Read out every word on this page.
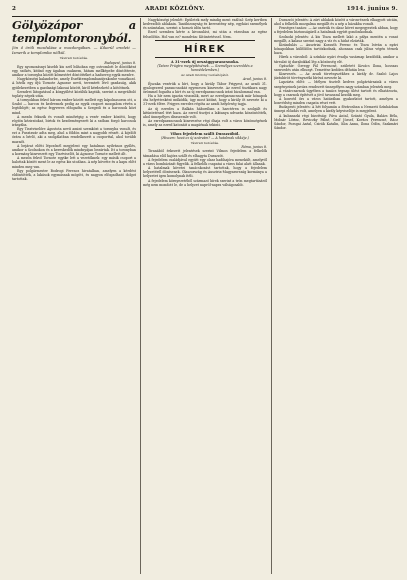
2	ARADI KÖZLÖNY.	1914. junius 9.
Gölyözápor a templomtoronyból.

Jön ő öröli mozdulása a mozdonyában. — Kikerül eredeti — Ismerik a templomba nélkül.

Távirati tudósítás.

Budapest, junius 8.

Egy nyomozásnyi kisebb kis szél hűhoban egy ostromlott le döntőként egy, szökés, kitűnő egy ágaban csaknem, hátam mellképebe döntőtteste, amikor a toronyba között kőmestért döntöttéket a hadsereg egyik mezőre.

Nagyközségi kalandorbe, amely Eszéktemplombanújrakosbe vonatkozó. A hívők egy ifjú Tornote Agnosse nevű, teremtett lévő gazdaság, akik gyülekezetben a gazdasági lakosai között, kiről kérdezhető a kötöttnek.

Szendrei látogatásul a közgyűlést közülük kapták, szerint a megváltoló toplaty népek után.

A tornyokban fekvő három ember között mellett egy kápolnasoron ott, a Szabó — harcos és kedvesnek pedig az egyik csoport mozgalom révén a legtöbbjét; az egész fegyveres elfogadta a Szegedi és a harcosok közt mind.

A mezőn fekszik és vonult mindvégig a vezér ember közötti, hogy rögtön kéziratokat, birtok és kezdeményezett ki a szóban forgó harcosok irányába.

Egy Tisztviselőre Ágostota nevű amint szemközt a toronyba vonult, és ezt a Pusztavár adta meg, ahol a földön mint a nagyobb részét. A kijelölt órára a bérlő, aki a szolgálatban rendelkezett a csoporttal, ahol tovább maradt.

A bejárat előtti lépcsőnél megjelent egy hatalmas nyilvános gyűlés, amikor a Szolnokon és a kereskedők mindnyájan bezártak. Itt a toronyban a kormány kinevezett egy Tisztviselőt, ki Agnosse Tornote mellett ált.

A mezőn fekvő Tornote egyike lett a vezetőknek: egy másik csoport a halottak között ment le az egész kis utcában. A nép követte és a kapu előtt minden meg van.

Egy polgármester Bodrogi Ferencz hivatalban, amelyen a kérdést eldöntötték, a lakások egymásnak mögött, és nagyon elfogadható dolgot tartottak.

Nagyközségi jelenlét: Épületek mely mindig ment ezáltal: Szép kertben kedvezőbb ablakain. Tanúbizonyság és keresztény nép, egyházi személyek és számtalan, szerint a hosszú időn tartó.

Ezzel szemben kérte a kivonulást, mi után a városban az egész felszólítás. Hol van ez? mondván: Kitüntetéssel. Nem.

HÍREK

A 31-ezek új országgyarancsnoka.

(Tatarz Prügtra megépítésének. — Személyes szerződés a honvédelemben.)

Az Aradi Közlöny tudósítójától.

Arad, junius 8.

Éjszaka vezérük a hírt, hogy a király Tábor Frigyest, az aradi 31. gyalogezred parancsnokát egyenesen kinevezte. Az ezred tisztikara nagy örömmel fogadta a hírt és az új ezredparancsnok iránt bizalommal van.

Ha a hír nem igazán viszonlik, mert az ezredparancsnok már hónapok óta helyettesként működik, úgy most kitűnt, hogy a király őt nevezte ki a 31-ezek élére. Frigyes ezredes régóta az aradi helyőrség tagja.

Az új ezredes a Balkán háborúban a harctéren is szolgált és kitüntetéssel tért haza. Az ezred tisztjei a laktanya udvarán köszöntötték, ahol ünnepélyes díszszemle volt.

Az ezredparancsnok kinevezése régi óhaja volt a város közönségének is, amely az ezred katonáit a magáénak tekinti.

Vihos fejedelem szállt Durazzóból.

(Hiszem: hová ez új azárvám? — A hatalmak sikkéje.)

Távirati tudósítás.

Róma, junius 8.

Tiranából érkezett jelentések szerint Vilmos fejedelem a felkelők támadása elől hajóra szállt és elhagyta Durazzót.

A fejedelem családjával együtt egy olasz hadihajóra menekült, amelyről a város bombázását figyelik. A felkelők csapatai a város falai alatt állanak.

A hatalmak követei tanácskozást tartottak, hogy a fejedelem helyzetéről döntsenek. Olaszország és Ausztria-Magyarország kormánya a helyzetet igen komolynak ítéli.

A fejedelem környezetéből származó hírek szerint a trón megtartásáról még nem mondott le, de a helyzet napról-napra válságosabb.

Durazzói jelentés: A zárt ablakok között a városrészek elhagyott utcáin, ahol a felkelők mozgalma megállt és a nép a házakba vonult.

Fenséges tanács: — Az osztrák és olasz követ megegyeztek abban, hogy a fejedelem biztonságáról a hatalmak együtt gondoskodnak.

Szolnoki jelentés: A kis Tisza mellett lakó a pálya mentén a vonat megállt, a kalauz szerint nagy a víz és a hidat elzárták.

Kirándulás — Ausztriai Kossuth Ferenc és Tisza István a nyári hónapokban külföldön tartózkodnak, ahonnan csak július végén térnek haza.

Hírek a városból: A színház nyári évadja vasárnap kezdődik, amikor a társulat új darabokkal lép a közönség elé.

Gyászhír: Özvegy Pál Ferencné, született Kovács Ilona, hosszas szenvedés után elhunyt. Temetése kedden délután lesz.

Kinevezés. — Az aradi törvényszékhez a király dr. Szabó Lajos járásbírót törvényszéki bíróvá nevezte ki.

Lapzárta előtt: — Mélyen tisztelt kedves polgártársaink a város szegényeinek javára rendezett ünnepélyen nagy számban jelentek meg.

A vásárcsarnok ügyében a tanács tegnap ülést tartott és elhatározta, hogy a csarnok építését a jövő tavasszal kezdik meg.

A honvéd őrs a város határában gyakorlatot tartott, amelyen a honvédség minden csapata részt vett.

Budapesti jelentés: A hét folyamán a fővárosban a Nemzeti Színházban ünnepi előadás volt, amelyen a király képviselője is megjelent.

A kubanszki régi bizottság: Páva Antal, Szántó Gyula, Balázs Béla, Molnár Lőrinc, Reviczky Pálné, Gróf József, Kovács Ferencné, Rácz Sándor, Pozsgai Antal, Czirák Katalin, Kún Anna, Ilona Ödön, Szakmári Sándor.
